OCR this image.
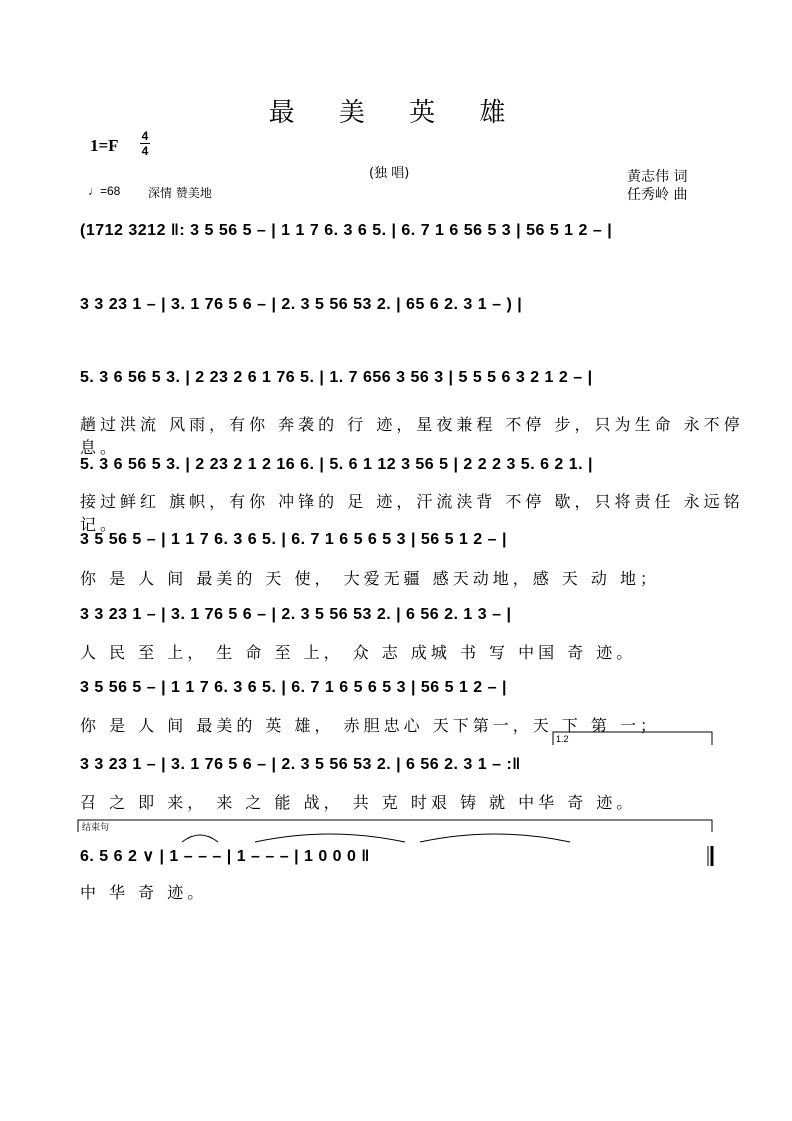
最 美 英 雄
1=F 4
4
(独 唱)	黄志伟 词
任秀岭 曲
♩=68 深情 赞美地
(1712 3212 ‖: 3 5 56 5 – | 1 1 7 6. 3 6 5. | 6. 7 1 6 56 5 3 | 56 5 1 2 – |
3 3 23 1 – | 3. 1 76 5 6 – | 2. 3 5 56 53 2. | 65 6 2. 3 1 – ) |
5. 3 6 56 5 3. | 2 23 2 6 1 76 5. | 1. 7 656 3 56 3 | 5 5 5 6 3 2 1 2 – |
趟过洪流 风雨，有你 奔袭的 行 迹，星夜兼程 不停 步，只为生命 永不停 息。
5. 3 6 56 5 3. | 2 23 2 1 2 16 6. | 5. 6 1 12 3 56 5 | 2 2 2 3 5. 6 2 1. |
接过鲜红 旗帜，有你 冲锋的 足 迹，汗流浃背 不停 歇，只将责任 永远铭 记。
3 5 56 5 – | 1 1 7 6. 3 6 5. | 6. 7 1 6 5 6 5 3 | 56 5 1 2 – |
你 是 人 间 最美的 天 使， 大爱无疆 感天动地，感 天 动 地；
3 3 23 1 – | 3. 1 76 5 6 – | 2. 3 5 56 53 2. | 6 56 2. 1 3 – |
人 民 至 上， 生 命 至 上， 众 志 成城 书 写 中国 奇 迹。
3 5 56 5 – | 1 1 7 6. 3 6 5. | 6. 7 1 6 5 6 5 3 | 56 5 1 2 – |
你 是 人 间 最美的 英 雄， 赤胆忠心 天下第一，天 下 第 一；
3 3 23 1 – | 3. 1 76 5 6 – | 2. 3 5 56 53 2. | 6 56 2. 3 1 – :‖
召 之 即 来， 来 之 能 战， 共 克 时艰 铸 就 中华 奇 迹。
6. 5 6 2 ∨ | 1 – – – | 1 – – – | 1 0 0 0 ‖
中 华 奇 迹。
1.2
结束句
